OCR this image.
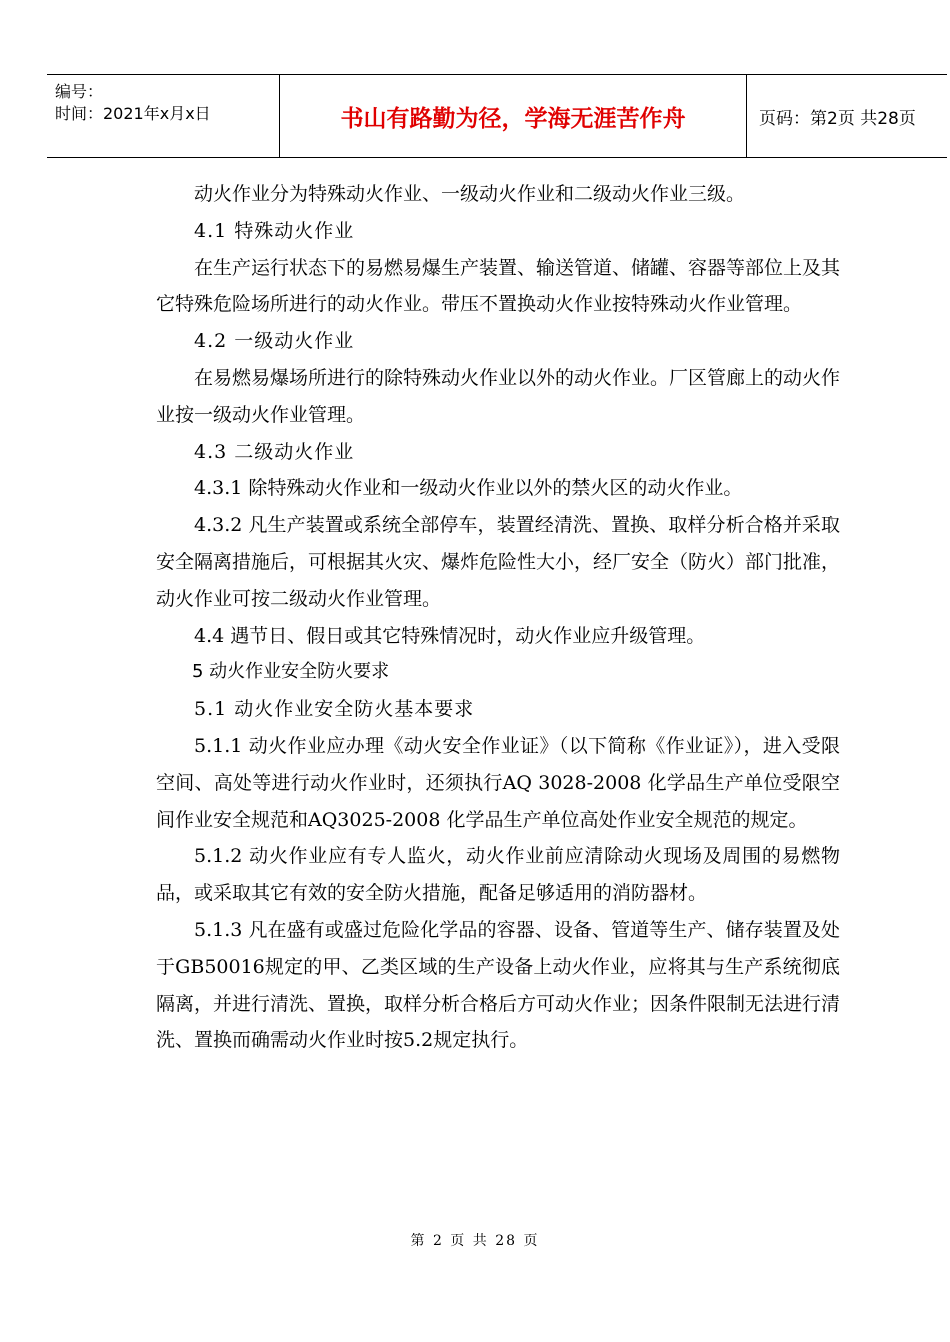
编号：
时间：2021年x月x日	书山有路勤为径，学海无涯苦作舟	页码：第2页 共28页

动火作业分为特殊动火作业、一级动火作业和二级动火作业三级。

4.1 特殊动火作业

在生产运行状态下的易燃易爆生产装置、输送管道、储罐、容器等部位上及其它特殊危险场所进行的动火作业。带压不置换动火作业按特殊动火作业管理。

4.2 一级动火作业

在易燃易爆场所进行的除特殊动火作业以外的动火作业。厂区管廊上的动火作业按一级动火作业管理。

4.3 二级动火作业

4.3.1 除特殊动火作业和一级动火作业以外的禁火区的动火作业。

4.3.2 凡生产装置或系统全部停车，装置经清洗、置换、取样分析合格并采取安全隔离措施后，可根据其火灾、爆炸危险性大小，经厂安全（防火）部门批准，动火作业可按二级动火作业管理。

4.4 遇节日、假日或其它特殊情况时，动火作业应升级管理。

5 动火作业安全防火要求

5.1 动火作业安全防火基本要求

5.1.1 动火作业应办理《动火安全作业证》（以下简称《作业证》），进入受限空间、高处等进行动火作业时，还须执行AQ 3028-2008 化学品生产单位受限空间作业安全规范和AQ3025-2008 化学品生产单位高处作业安全规范的规定。

5.1.2 动火作业应有专人监火，动火作业前应清除动火现场及周围的易燃物品，或采取其它有效的安全防火措施，配备足够适用的消防器材。

5.1.3 凡在盛有或盛过危险化学品的容器、设备、管道等生产、储存装置及处于GB50016规定的甲、乙类区域的生产设备上动火作业，应将其与生产系统彻底隔离，并进行清洗、置换，取样分析合格后方可动火作业；因条件限制无法进行清洗、置换而确需动火作业时按5.2规定执行。

第 2 页 共 28 页
